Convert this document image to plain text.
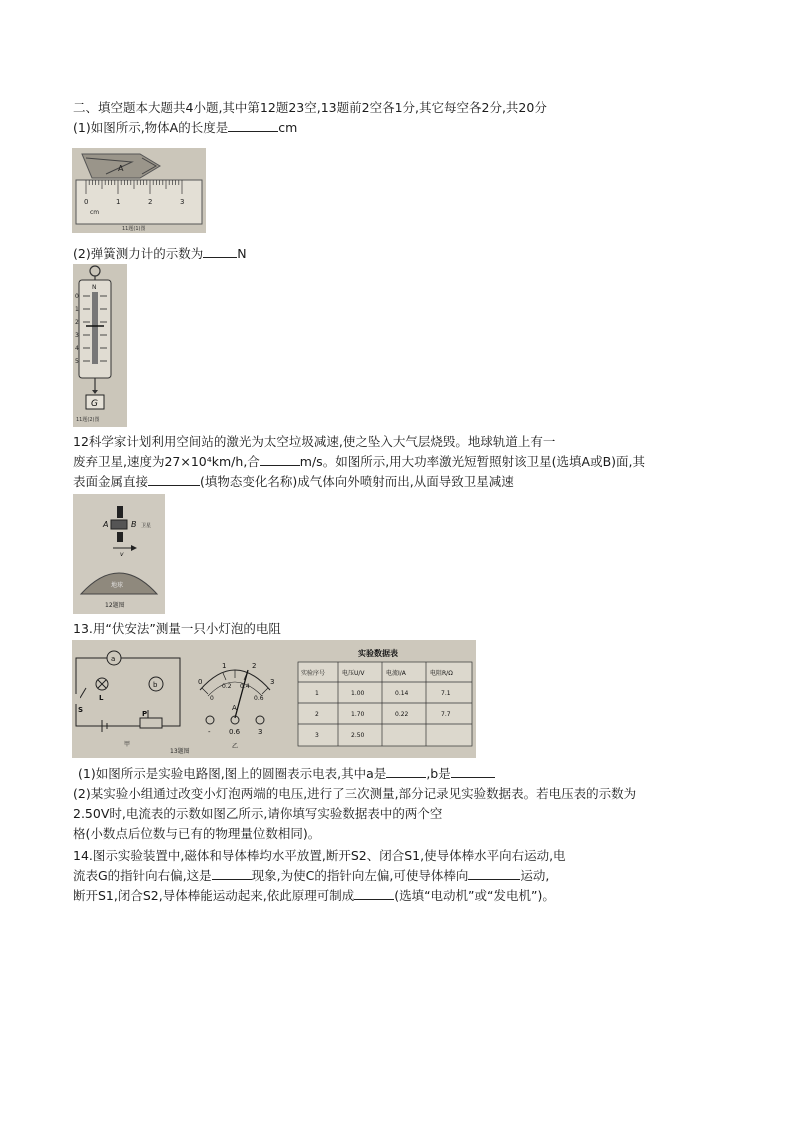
二、填空题本大题共4小题,其中第12题23空,13题前2空各1分,其它每空各2分,共20分
(1)如图所示,物体A的长度是	cm
A
0	1	2	3
cm
11题(1)图
(2)弹簧测力计的示数为	N
N
0
1
2
3
4
5
G
11题(2)图
12科学家计划利用空间站的激光为太空垃圾减速,使之坠入大气层烧毁。地球轨道上有一
废弃卫星,速度为27×10⁴km/h,合	m/s。如图所示,用大功率激光短暂照射该卫星(选填A或B)面,其
表面金属直接	(填物态变化名称)成气体向外喷射而出,从面导致卫星减速
A	B 卫星
v
地球
12题图
13.用“伏安法”测量一只小灯泡的电阻
a
b
L
S	P
甲
13题图
0
1	2
3
0
0.2 0.4
0.6
A
-	0.6	3
乙
实验数据表
实验序号	电压U/V	电流I/A	电阻R/Ω
1	1.00	0.14	7.1
2	1.70	0.22	7.7
3	2.50
(1)如图所示是实验电路图,图上的圆圈表示电表,其中a是	,b是
(2)某实验小组通过改变小灯泡两端的电压,进行了三次测量,部分记录见实验数据表。若电压表的示数为
2.50V时,电流表的示数如图乙所示,请你填写实验数据表中的两个空
格(小数点后位数与已有的物理量位数相同)。
14.图示实验装置中,磁体和导体棒均水平放置,断开S2、闭合S1,使导体棒水平向右运动,电
流表G的指针向右偏,这是	现象,为使C的指针向左偏,可使导体棒向	运动,
断开S1,闭合S2,导体棒能运动起来,依此原理可制成	(选填“电动机”或“发电机”)。
